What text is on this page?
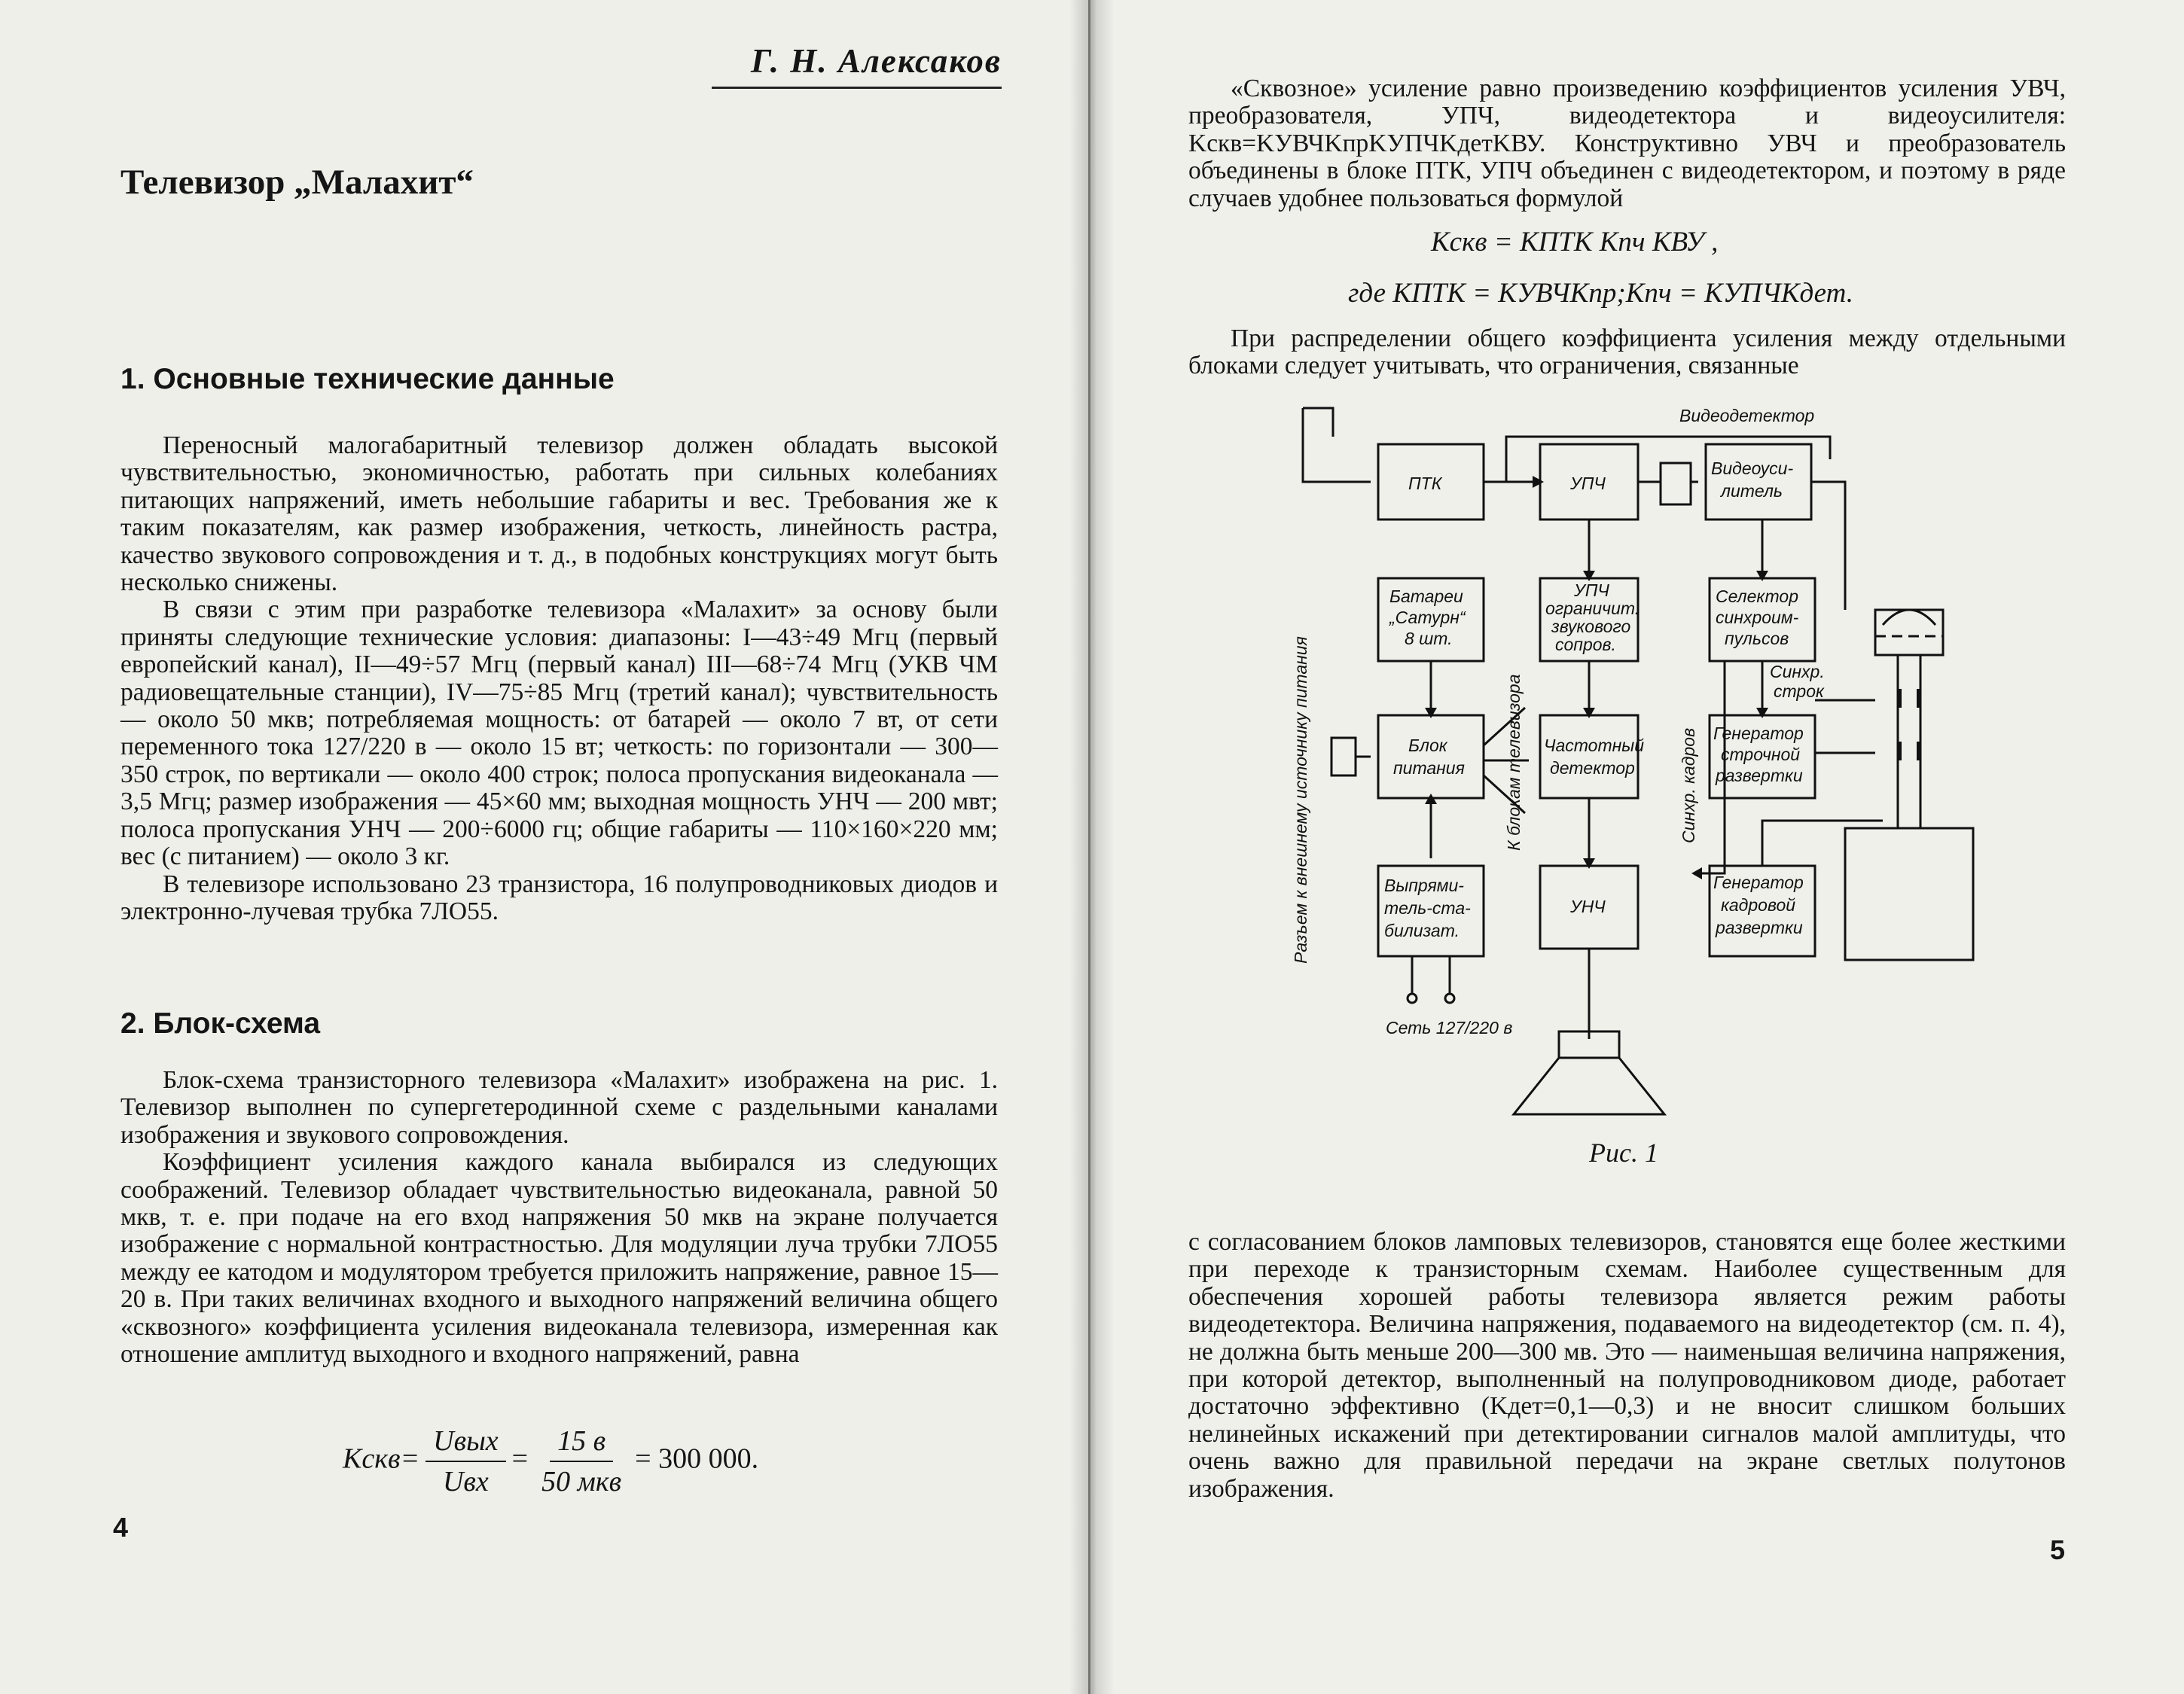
Г. Н. Алексаков
Телевизор „Малахит“
1. Основные технические данные

Переносный малогабаритный телевизор должен обладать высокой чувствительностью, экономичностью, работать при сильных колебаниях питающих напряжений, иметь небольшие габариты и вес. Требования же к таким показателям, как размер изображения, четкость, линейность растра, качество звукового сопровождения и т. д., в подобных конструкциях могут быть несколько снижены.

В связи с этим при разработке телевизора «Малахит» за основу были приняты следующие технические условия: диапазоны: I—43÷49 Мгц (первый европейский канал), II—49÷57 Мгц (первый канал) III—68÷74 Мгц (УКВ ЧМ радиовещательные станции), IV—75÷85 Мгц (третий канал); чувствительность — около 50 мкв; потребляемая мощность: от батарей — около 7 вт, от сети переменного тока 127/220 в — около 15 вт; четкость: по горизонтали — 300—350 строк, по вертикали — около 400 строк; полоса пропускания видеоканала — 3,5 Мгц; размер изображения — 45×60 мм; выходная мощность УНЧ — 200 мвт; полоса пропускания УНЧ — 200÷6000 гц; общие габариты — 110×160×220 мм; вес (с питанием) — около 3 кг.

В телевизоре использовано 23 транзистора, 16 полупроводниковых диодов и электронно-лучевая трубка 7ЛО55.

2. Блок-схема

Блок-схема транзисторного телевизора «Малахит» изображена на рис. 1. Телевизор выполнен по супергетеродинной схеме с раздельными каналами изображения и звукового сопровождения.

Коэффициент усиления каждого канала выбирался из следующих соображений. Телевизор обладает чувствительностью видеоканала, равной 50 мкв, т. е. при подаче на его вход напряжения 50 мкв на экране получается изображение с нормальной контрастностью. Для модуляции луча трубки 7ЛО55 между ее катодом и модулятором требуется приложить напряжение, равное 15—20 в. При таких величинах входного и выходного напряжений величина общего «сквозного» коэффициента усиления видеоканала телевизора, измеренная как отношение амплитуд выходного и входного напряжений, равна

Kскв= $\frac{\text{Uвых}}{\text{Uвх}} = \frac{15 в}{\text{50 мкв}} = 300$ 000.
4

«Сквозное» усиление равно произведению коэффициентов усиления УВЧ, преобразователя, УПЧ, видеодетектора и видеоусилителя: Kскв=KУВЧKпрKУПЧKдетKВУ. Конструктивно УВЧ и преобразователь объединены в блоке ПТК, УПЧ объединен с видеодетектором, и поэтому в ряде случаев удобнее пользоваться формулой

Kскв = KПТК Kпч KВУ ,
где KПТК = KУВЧKпр;Kпч = KУПЧKдет.

При распределении общего коэффициента усиления между отдельными блоками следует учитывать, что ограничения, связанные

Видеодетектор
ПТК	УПЧ
Видеоуси-
литель
Батареи
„Сатурн“
8 шт.
УПЧ
ограничит.
звукового
сопров.
Селектор
синхроим-
пульсов
Синхр.
строк
Блок
питания
Частотный
детектор
Генератор
строчной
развертки
Выпрями-
тель-ста-
билизат.
УНЧ
Генератор
кадровой
развертки
Сеть 127/220 в
Разъем к внешнему источнику питания	К блокам телевизора	Синхр. кадров
Рис. 1

с согласованием блоков ламповых телевизоров, становятся еще более жесткими при переходе к транзисторным схемам. Наиболее существенным для обеспечения хорошей работы телевизора является режим работы видеодетектора. Величина напряжения, подаваемого на видеодетектор (см. п. 4), не должна быть меньше 200—300 мв. Это — наименьшая величина напряжения, при которой детектор, выполненный на полупроводниковом диоде, работает достаточно эффективно (Kдет=0,1—0,3) и не вносит слишком больших нелинейных искажений при детектировании сигналов малой амплитуды, что очень важно для правильной передачи на экране светлых полутонов изображения.

5
